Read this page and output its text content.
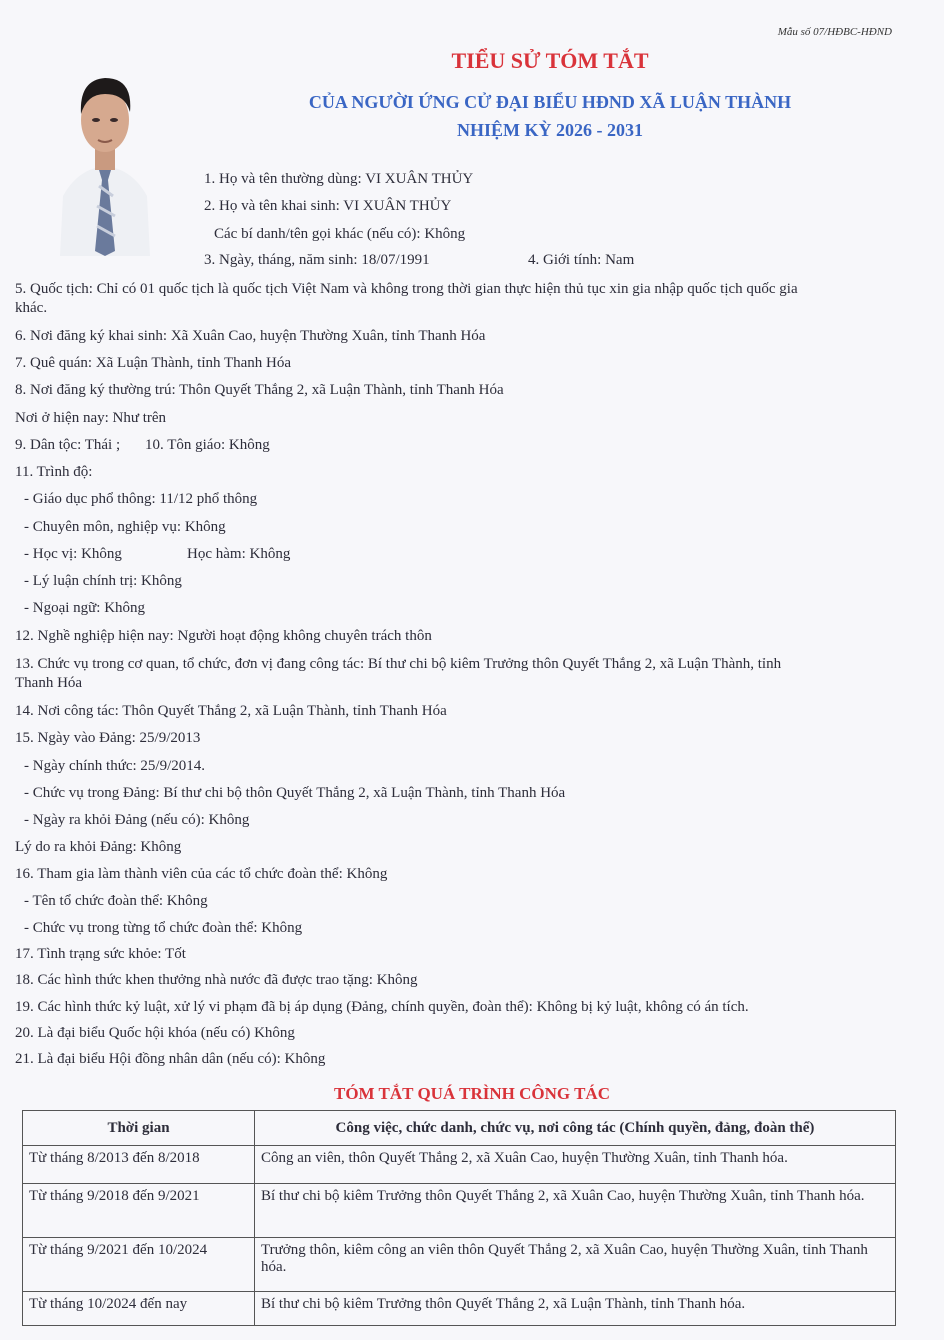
Mẫu số 07/HĐBC-HĐND
TIỂU SỬ TÓM TẮT
CỦA NGƯỜI ỨNG CỬ ĐẠI BIỂU HĐND XÃ LUẬN THÀNH
NHIỆM KỲ 2026 - 2031
1. Họ và tên thường dùng: VI XUÂN THỦY
2. Họ và tên khai sinh: VI XUÂN THỦY
Các bí danh/tên gọi khác (nếu có): Không
3. Ngày, tháng, năm sinh: 18/07/1991	4. Giới tính: Nam
5. Quốc tịch: Chỉ có 01 quốc tịch là quốc tịch Việt Nam và không trong thời gian thực hiện thủ tục xin gia nhập quốc tịch quốc gia
khác.
6. Nơi đăng ký khai sinh: Xã Xuân Cao, huyện Thường Xuân, tỉnh Thanh Hóa
7. Quê quán: Xã Luận Thành, tỉnh Thanh Hóa
8. Nơi đăng ký thường trú: Thôn Quyết Thắng 2, xã Luận Thành, tỉnh Thanh Hóa
Nơi ở hiện nay: Như trên
9. Dân tộc: Thái ; 10. Tôn giáo: Không
11. Trình độ:
- Giáo dục phổ thông: 11/12 phổ thông
- Chuyên môn, nghiệp vụ: Không
- Học vị: Không	Học hàm: Không
- Lý luận chính trị: Không
- Ngoại ngữ: Không
12. Nghề nghiệp hiện nay: Người hoạt động không chuyên trách thôn
13. Chức vụ trong cơ quan, tổ chức, đơn vị đang công tác: Bí thư chi bộ kiêm Trưởng thôn Quyết Thắng 2, xã Luận Thành, tỉnh
Thanh Hóa
14. Nơi công tác: Thôn Quyết Thắng 2, xã Luận Thành, tỉnh Thanh Hóa
15. Ngày vào Đảng: 25/9/2013
- Ngày chính thức: 25/9/2014.
- Chức vụ trong Đảng: Bí thư chi bộ thôn Quyết Thắng 2, xã Luận Thành, tỉnh Thanh Hóa
- Ngày ra khỏi Đảng (nếu có): Không
Lý do ra khỏi Đảng: Không
16. Tham gia làm thành viên của các tổ chức đoàn thể: Không
- Tên tổ chức đoàn thể: Không
- Chức vụ trong từng tổ chức đoàn thể: Không
17. Tình trạng sức khỏe: Tốt
18. Các hình thức khen thưởng nhà nước đã được trao tặng: Không
19. Các hình thức kỷ luật, xử lý vi phạm đã bị áp dụng (Đảng, chính quyền, đoàn thể): Không bị kỷ luật, không có án tích.
20. Là đại biểu Quốc hội khóa (nếu có) Không
21. Là đại biểu Hội đồng nhân dân (nếu có): Không
TÓM TẮT QUÁ TRÌNH CÔNG TÁC
Thời gian	Công việc, chức danh, chức vụ, nơi công tác (Chính quyền, đảng, đoàn thể)
Từ tháng 8/2013 đến 8/2018	Công an viên, thôn Quyết Thắng 2, xã Xuân Cao, huyện Thường Xuân, tỉnh Thanh hóa.
Từ tháng 9/2018 đến 9/2021	Bí thư chi bộ kiêm Trưởng thôn Quyết Thắng 2, xã Xuân Cao, huyện Thường Xuân, tỉnh Thanh hóa.
Từ tháng 9/2021 đến 10/2024	Trưởng thôn, kiêm công an viên thôn Quyết Thắng 2, xã Xuân Cao, huyện Thường Xuân, tỉnh Thanh hóa.
Từ tháng 10/2024 đến nay	Bí thư chi bộ kiêm Trưởng thôn Quyết Thắng 2, xã Luận Thành, tỉnh Thanh hóa.
